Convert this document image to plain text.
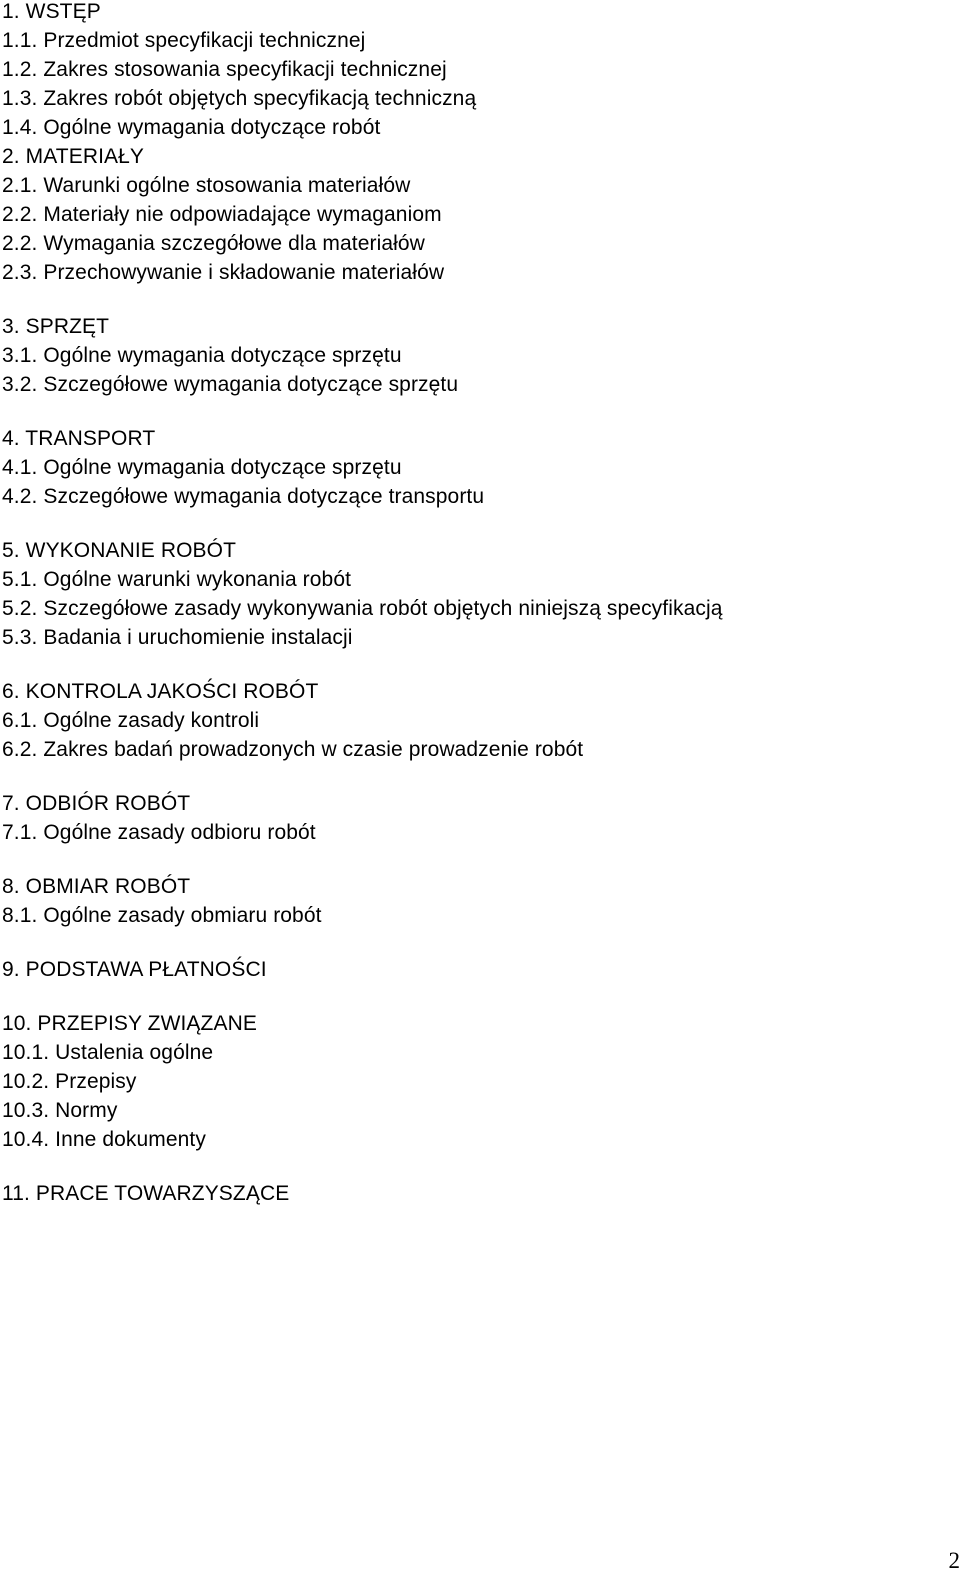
1. WSTĘP
1.1. Przedmiot specyfikacji technicznej
1.2. Zakres stosowania specyfikacji technicznej
1.3. Zakres robót objętych specyfikacją techniczną
1.4. Ogólne wymagania dotyczące robót
2. MATERIAŁY
2.1. Warunki ogólne stosowania materiałów
2.2. Materiały nie odpowiadające wymaganiom
2.2. Wymagania szczegółowe dla materiałów
2.3. Przechowywanie i składowanie materiałów
3. SPRZĘT
3.1. Ogólne wymagania dotyczące sprzętu
3.2. Szczegółowe wymagania dotyczące sprzętu
4. TRANSPORT
4.1. Ogólne wymagania dotyczące sprzętu
4.2. Szczegółowe wymagania dotyczące transportu
5. WYKONANIE ROBÓT
5.1. Ogólne warunki wykonania robót
5.2. Szczegółowe zasady wykonywania robót objętych niniejszą specyfikacją
5.3. Badania i uruchomienie instalacji
6. KONTROLA JAKOŚCI ROBÓT
6.1. Ogólne zasady kontroli
6.2. Zakres badań prowadzonych w czasie prowadzenie robót
7. ODBIÓR ROBÓT
7.1. Ogólne zasady odbioru robót
8. OBMIAR ROBÓT
8.1. Ogólne zasady obmiaru robót
9. PODSTAWA PŁATNOŚCI
10. PRZEPISY ZWIĄZANE
10.1. Ustalenia ogólne
10.2. Przepisy
10.3. Normy
10.4. Inne dokumenty
11. PRACE TOWARZYSZĄCE
2
